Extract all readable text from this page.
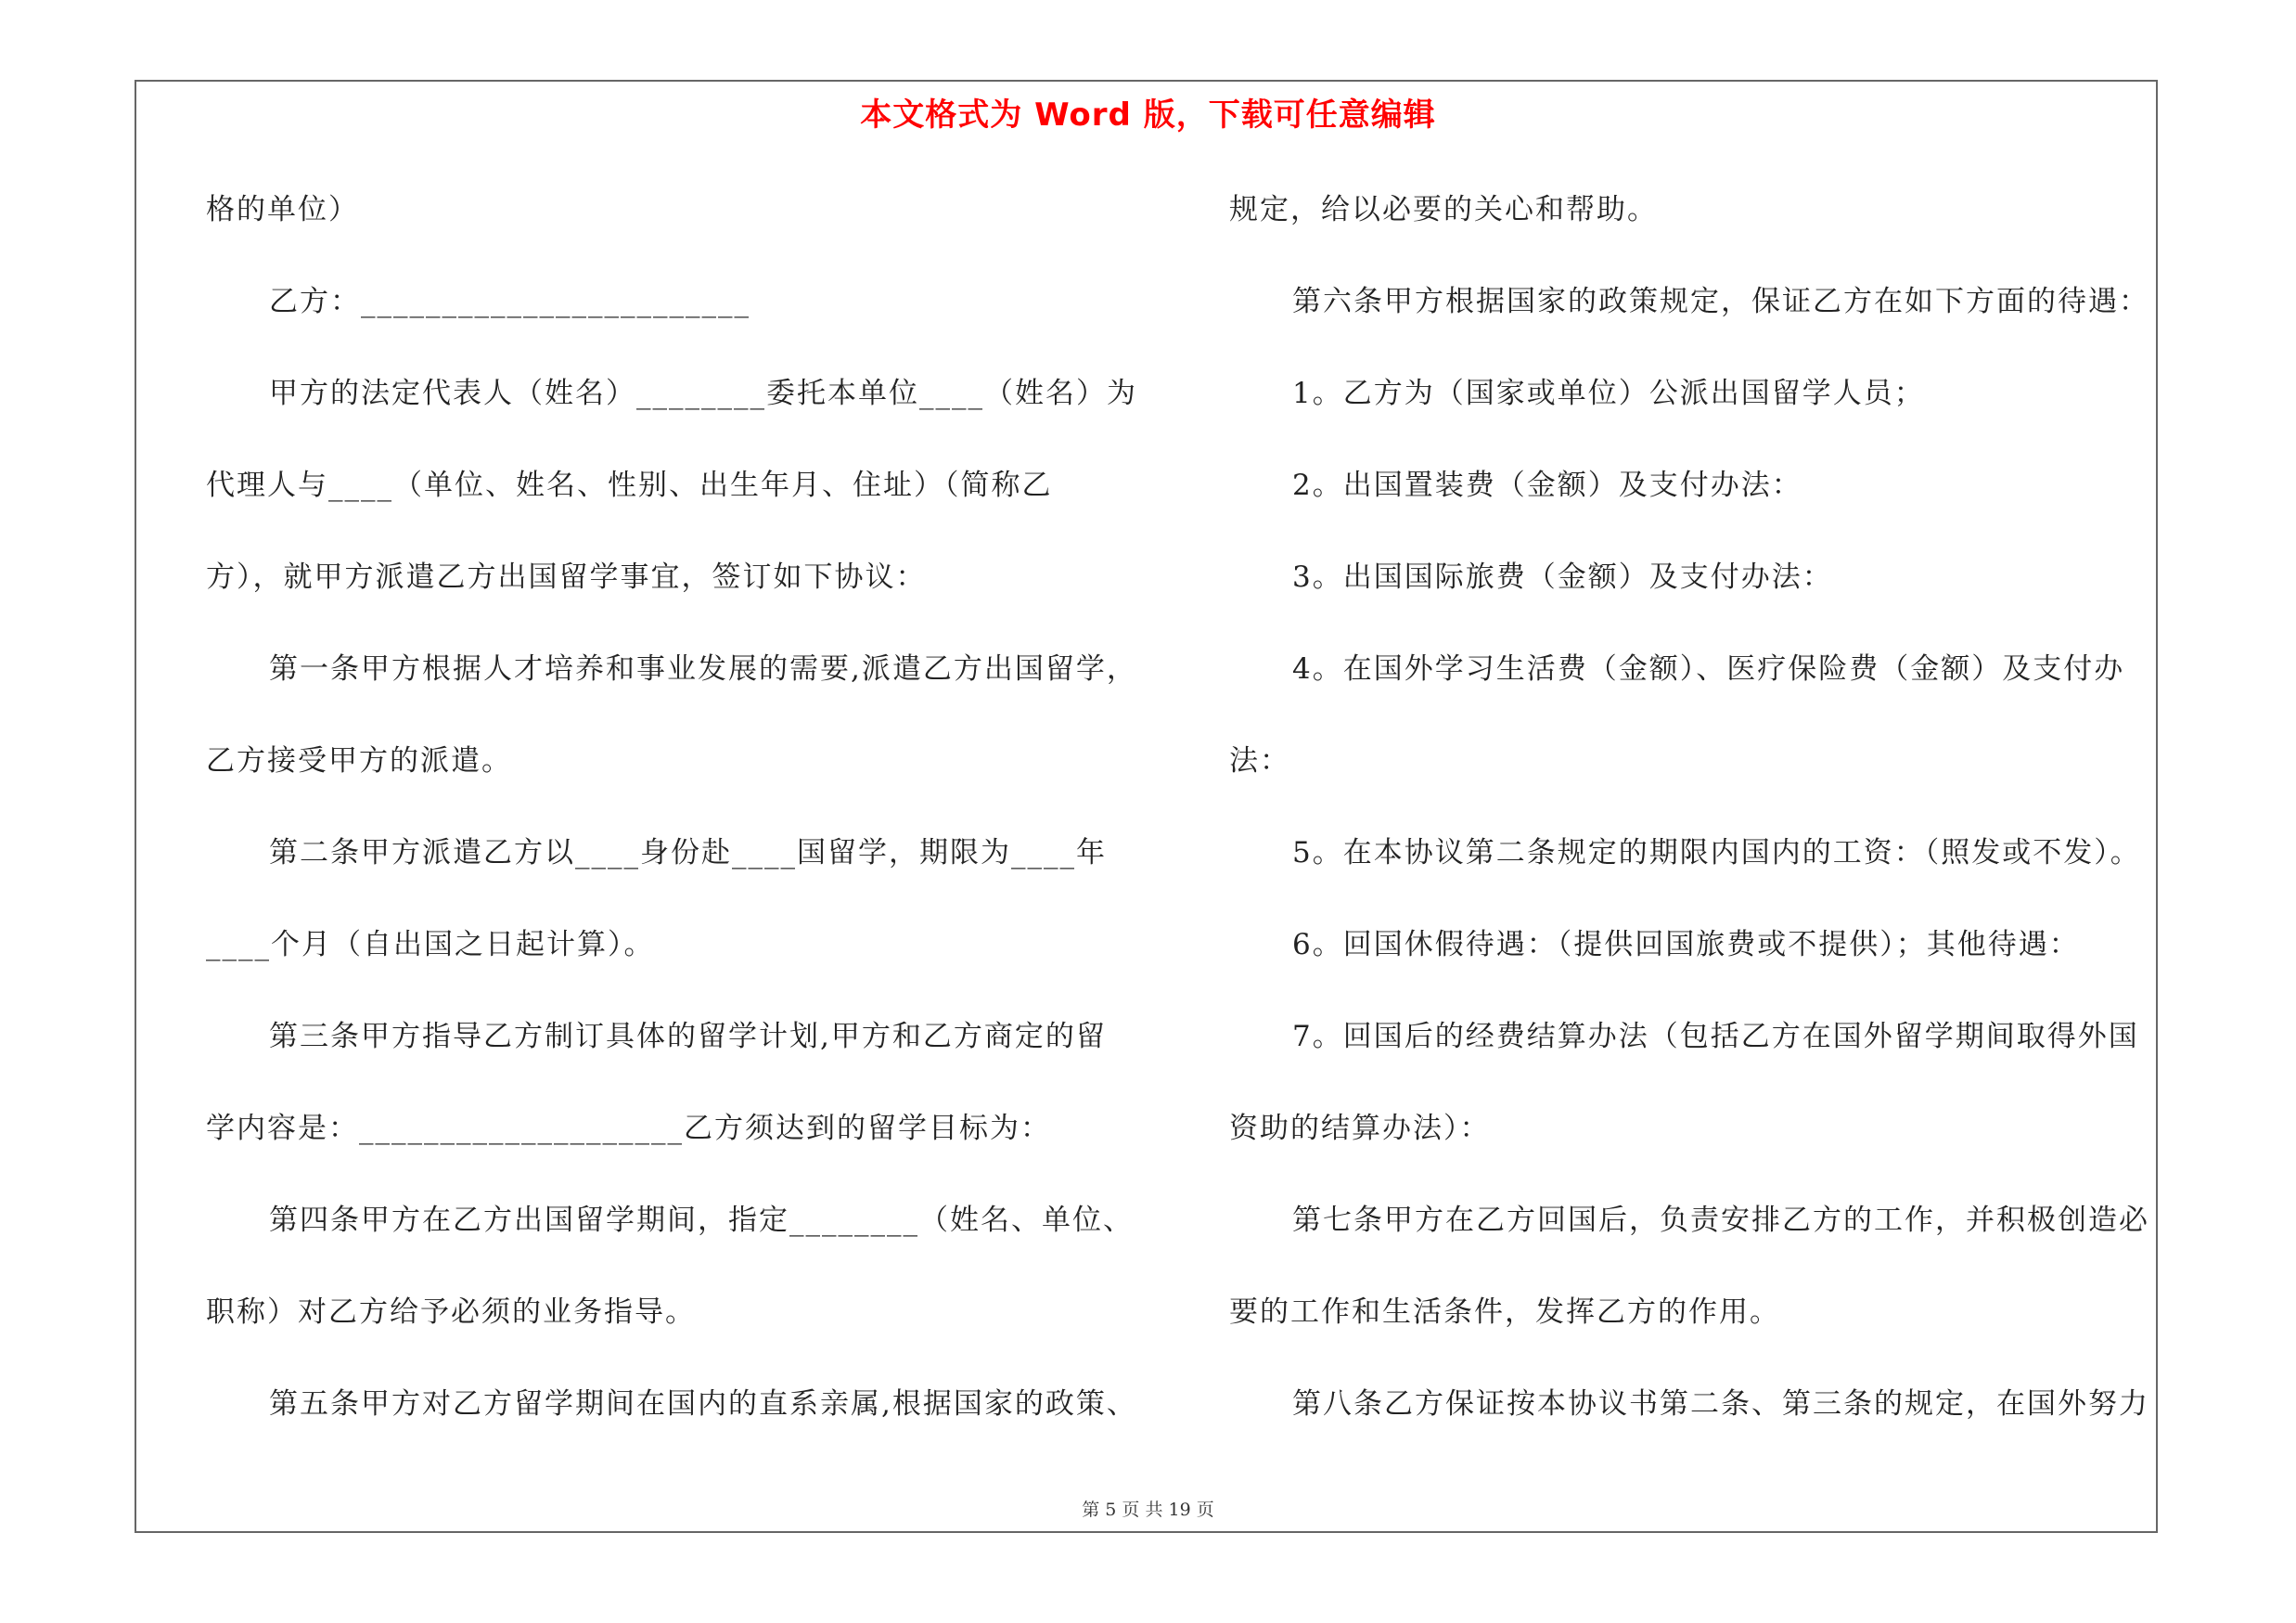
本文格式为 Word 版，下载可任意编辑
格的单位）
乙方：________________________
甲方的法定代表人（姓名）________委托本单位____（姓名）为
代理人与____（单位、姓名、性别、出生年月、住址）（简称乙
方），就甲方派遣乙方出国留学事宜，签订如下协议：
第一条甲方根据人才培养和事业发展的需要,派遣乙方出国留学，
乙方接受甲方的派遣。
第二条甲方派遣乙方以____身份赴____国留学，期限为____年
____个月（自出国之日起计算）。
第三条甲方指导乙方制订具体的留学计划,甲方和乙方商定的留
学内容是：____________________乙方须达到的留学目标为：
第四条甲方在乙方出国留学期间，指定________（姓名、单位、
职称）对乙方给予必须的业务指导。
第五条甲方对乙方留学期间在国内的直系亲属,根据国家的政策、
规定，给以必要的关心和帮助。
第六条甲方根据国家的政策规定，保证乙方在如下方面的待遇：
1。乙方为（国家或单位）公派出国留学人员；
2。出国置装费（金额）及支付办法：
3。出国国际旅费（金额）及支付办法：
4。在国外学习生活费（金额）、医疗保险费（金额）及支付办
法：
5。在本协议第二条规定的期限内国内的工资：（照发或不发）。
6。回国休假待遇：（提供回国旅费或不提供）；其他待遇：
7。回国后的经费结算办法（包括乙方在国外留学期间取得外国
资助的结算办法）：
第七条甲方在乙方回国后，负责安排乙方的工作，并积极创造必
要的工作和生活条件，发挥乙方的作用。
第八条乙方保证按本协议书第二条、第三条的规定，在国外努力
第 5 页 共 19 页
